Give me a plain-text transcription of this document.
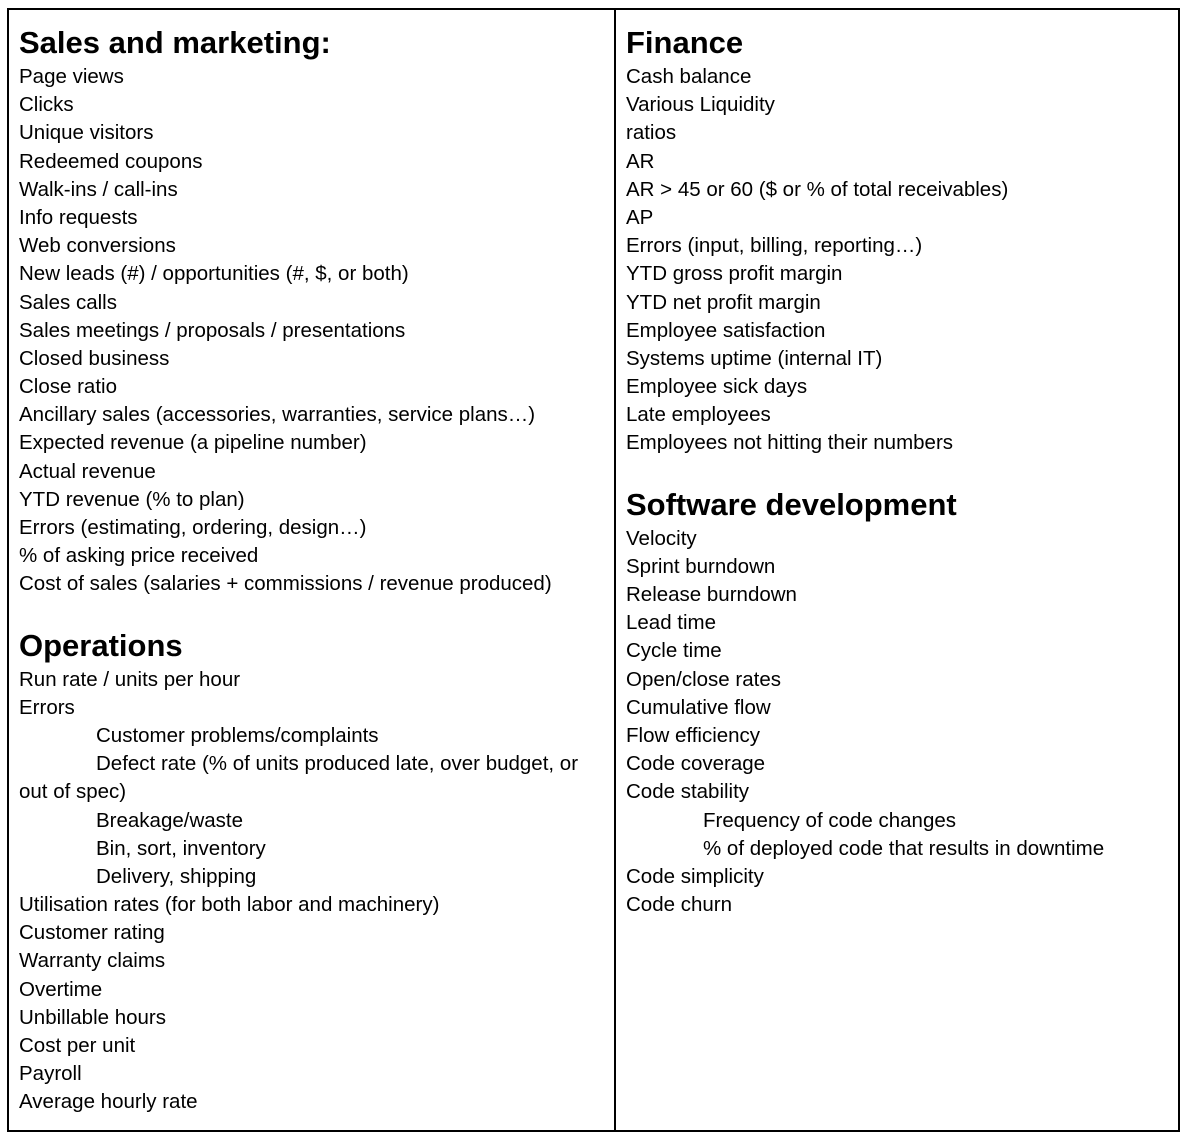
Sales and marketing:
Page views
Clicks
Unique visitors
Redeemed coupons
Walk-ins / call-ins
Info requests
Web conversions
New leads (#) / opportunities (#, $, or both)
Sales calls
Sales meetings / proposals / presentations
Closed business
Close ratio
Ancillary sales (accessories, warranties, service plans…)
Expected revenue (a pipeline number)
Actual revenue
YTD revenue (% to plan)
Errors (estimating, ordering, design…)
% of asking price received
Cost of sales (salaries + commissions / revenue produced)
Operations
Run rate / units per hour
Errors
Customer problems/complaints
Defect rate (% of units produced late, over budget, or
out of spec)
Breakage/waste
Bin, sort, inventory
Delivery, shipping
Utilisation rates (for both labor and machinery)
Customer rating
Warranty claims
Overtime
Unbillable hours
Cost per unit
Payroll
Average hourly rate
Finance
Cash balance
Various Liquidity
ratios
AR
AR > 45 or 60 ($ or % of total receivables)
AP
Errors (input, billing, reporting…)
YTD gross profit margin
YTD net profit margin
Employee satisfaction
Systems uptime (internal IT)
Employee sick days
Late employees
Employees not hitting their numbers
Software development
Velocity
Sprint burndown
Release burndown
Lead time
Cycle time
Open/close rates
Cumulative flow
Flow efficiency
Code coverage
Code stability
Frequency of code changes
% of deployed code that results in downtime
Code simplicity
Code churn
